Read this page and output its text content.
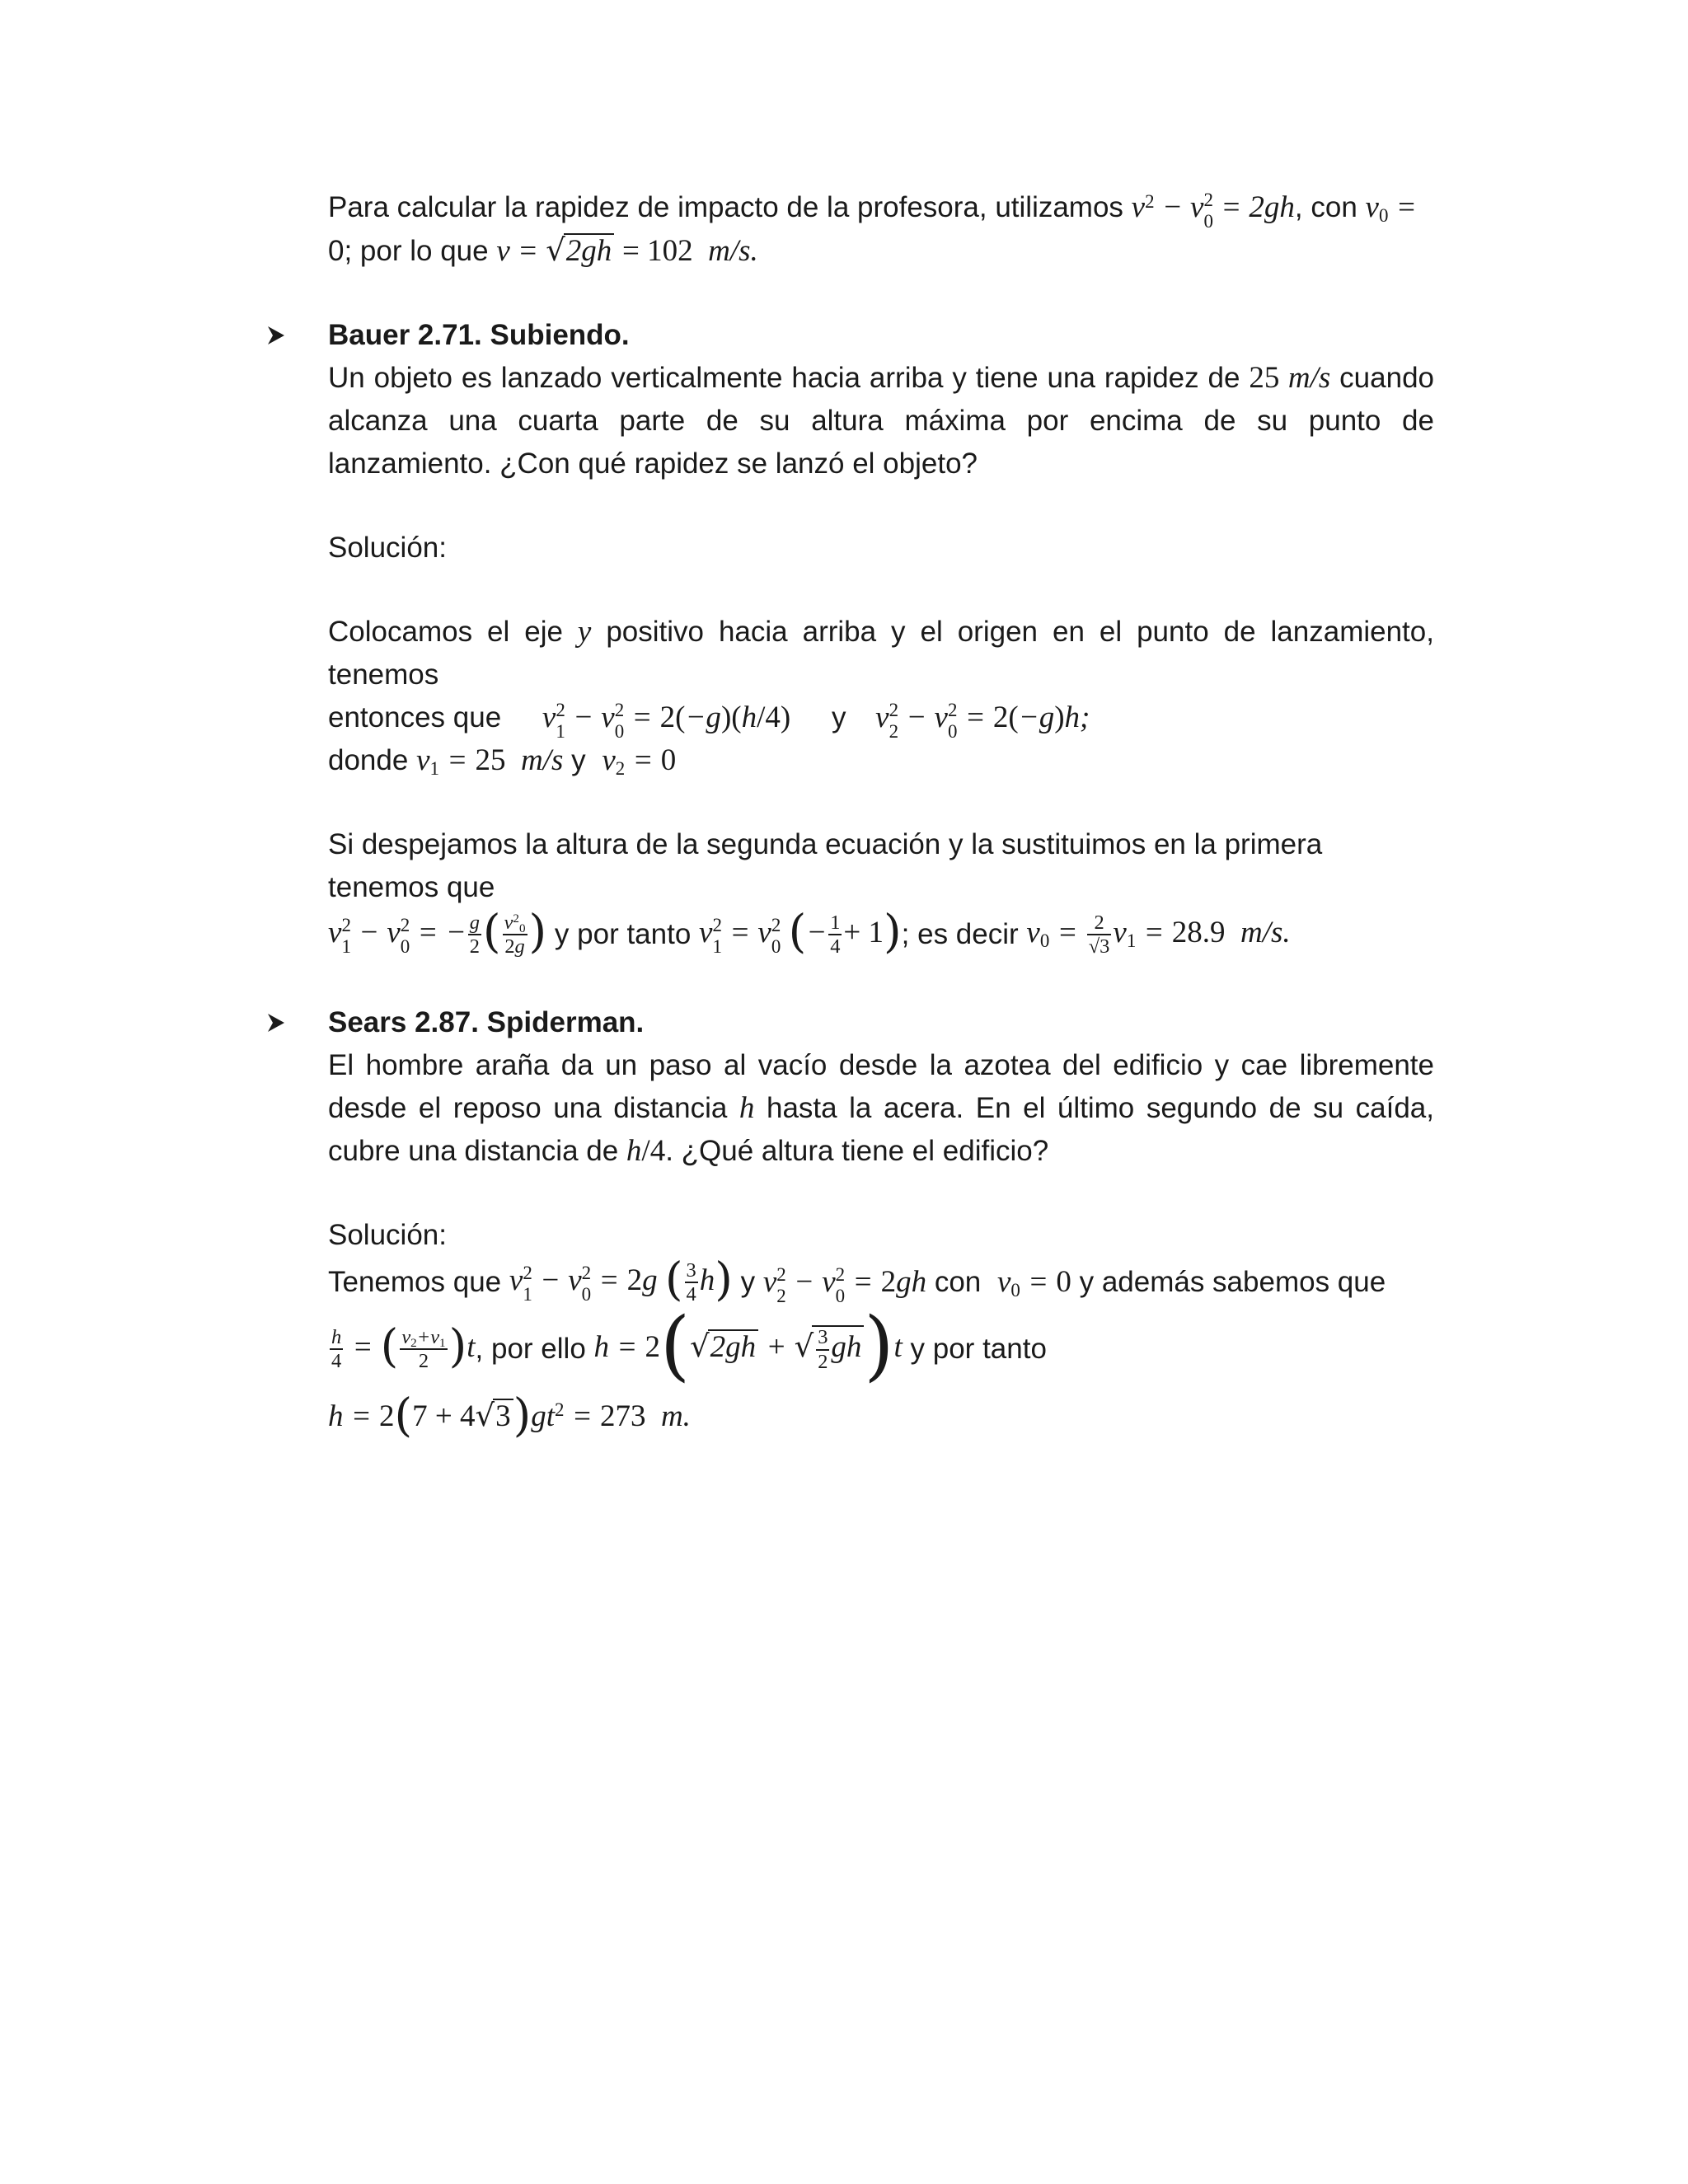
Para calcular la rapidez de impacto de la profesora, utilizamos $v^2 - v$ 2
0 = 2gh, con $v_0$ =
0; por lo que v = √2gh = 102 m/s.
Bauer 2.71. Subiendo.
Un objeto es lanzado verticalmente hacia arriba y tiene una rapidez de 25 m/s cuando alcanza una cuarta parte de su altura máxima por encima de su punto de lanzamiento. ¿Con qué rapidez se lanzó el objeto?
Solución:
Colocamos el eje y positivo hacia arriba y el origen en el punto de lanzamiento, tenemos
entonces que v 2
1 − v 2
0 = 2(−g)(h/4) y v 2
2 − v 2
0 = 2(−g)h;
donde $v_1 = 25$  m/s y $v_2 = 0$
Si despejamos la altura de la segunda ecuación y la sustituimos en la primera tenemos que
v 2
1 − v 2
0 = − $\frac{g}{2}$ ( $\frac{v^2_0}{2g}$ )
y por tanto
v 2
1 = v 2
0 (− $\frac{1}{4} + 1$) ; es decir
$v_0 = \frac{2}{√3} v_1 = 28.9$ m/s.
Sears 2.87. Spiderman.
El hombre araña da un paso al vacío desde la azotea del edificio y cae libremente desde el reposo una distancia h hasta la acera. En el último segundo de su caída, cubre una distancia de h/4. ¿Qué altura tiene el edificio?
Solución:
Tenemos que
v 2
1 − v 2
0 = 2g ( $\frac{3}{4} h$)
y
v 2
2 − v 2
0 = 2gh
con
$v_0 = 0$
y además sabemos que
$\frac{h}{4}$ = ( $\frac{v_2+v_1}{2} )t$ , por ello
h = 2(√2gh + √ $\frac{3}{2} gh)t$
y por tanto
$h = 2(7 + 4√3)gt^2 = 273$  m.
